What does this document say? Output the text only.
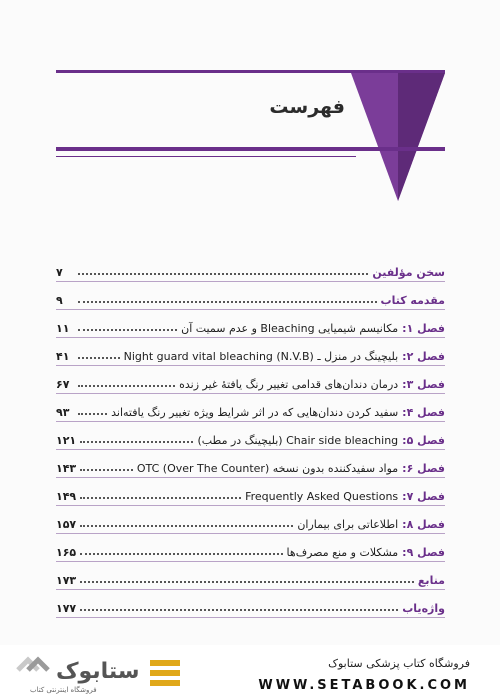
فهرست
سخن مؤلفین
۷
مقدمه کتاب
۹
فصل ۱:مکانیسم شیمیایی Bleaching و عدم سمیت آن
۱۱
فصل ۲:بلیچینگ در منزل ـ Night guard vital bleaching (N.V.B)
۴۱
فصل ۳:درمان دندان‌های قدامی تغییر رنگ یافتهٔ غیر زنده
۶۷
فصل ۴:سفید کردن دندان‌هایی که در اثر شرایط ویژه تغییر رنگ یافته‌اند
۹۳
فصل ۵:Chair side bleaching (بلیچینگ در مطب)
۱۲۱
فصل ۶:مواد سفیدکننده بدون نسخه (OTC (Over The Counter
۱۴۳
فصل ۷:Frequently Asked Questions
۱۴۹
فصل ۸:اطلاعاتی برای بیماران
۱۵۷
فصل ۹:مشکلات و منع مصرف‌ها
۱۶۵
منابع
۱۷۳
واژه‌یاب
۱۷۷
فروشگاه کتاب پزشکی ستابوک
WWW.SETABOOK.COM
ستابوک
فروشگاه اینترنتی کتاب
